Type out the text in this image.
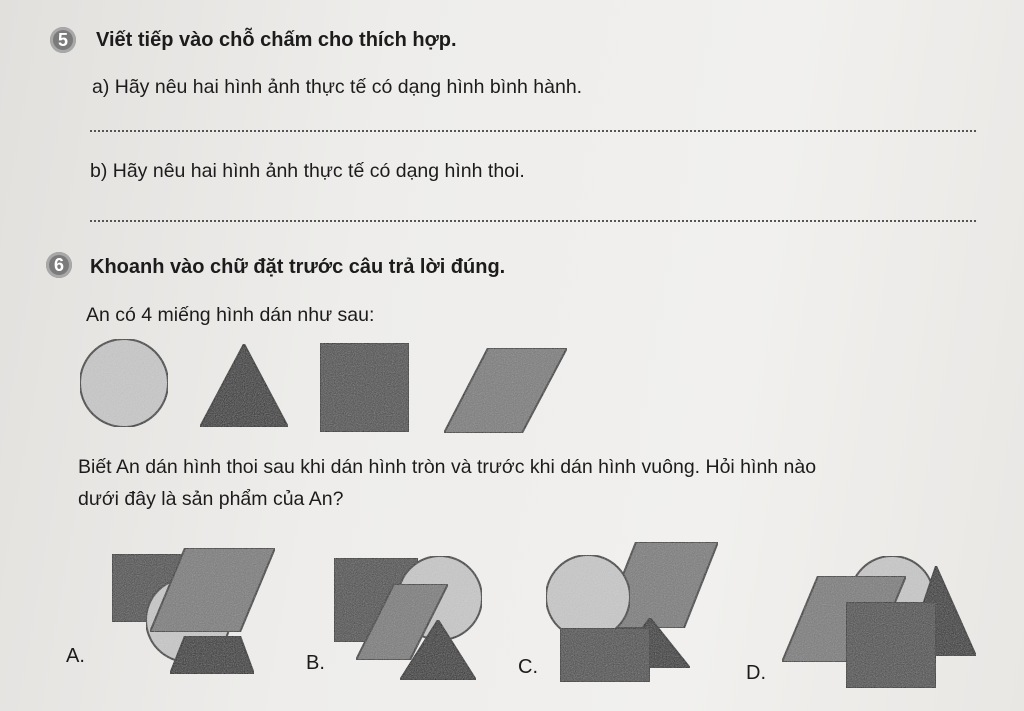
5	Viết tiếp vào chỗ chấm cho thích hợp.
a) Hãy nêu hai hình ảnh thực tế có dạng hình bình hành.
b) Hãy nêu hai hình ảnh thực tế có dạng hình thoi.
6	Khoanh vào chữ đặt trước câu trả lời đúng.
An có 4 miếng hình dán như sau:
Biết An dán hình thoi sau khi dán hình tròn và trước khi dán hình vuông. Hỏi hình nào
dưới đây là sản phẩm của An?
A.	B.	C.	D.
